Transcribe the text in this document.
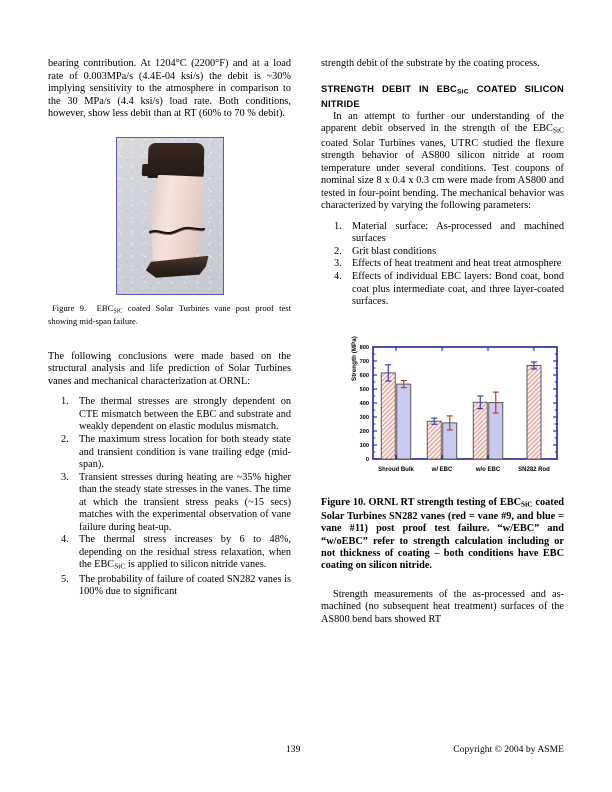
bearing contribution. At 1204°C (2200°F) and at a load rate of 0.003MPa/s (4.4E-04 ksi/s) the debit is ~30% implying sensitivity to the atmosphere in comparison to the 30 MPa/s (4.4 ksi/s) load rate. Both conditions, however, show less debit than at RT (60% to 70 % debit).

Figure 9.  $EBC_{SiC}$ coated Solar Turbines vane post proof test showing mid-span failure.

The following conclusions were made based on the structural analysis and life prediction of Solar Turbines vanes and mechanical characterization at ORNL:

The thermal stresses are strongly dependent on CTE mismatch between the EBC and substrate and weakly dependent on elastic modulus mismatch.
The maximum stress location for both steady state and transient condition is vane trailing edge (mid-span).
Transient stresses during heating are ~35% higher than the steady state stresses in the vanes. The time at which the transient stress peaks (~15 secs) matches with the experimental observation of vane failure during heat-up.
The thermal stress increases by 6 to 48%, depending on the residual stress relaxation, when the $EBC_{SiC}$ is applied to silicon nitride vanes.
The probability of failure of coated SN282 vanes is 100% due to significant

strength debit of the substrate by the coating process.

STRENGTH DEBIT IN $EBC_{SiC}$ COATED SILICON NITRIDE

In an attempt to further our understanding of the apparent debit observed in the strength of the $EBC_{SiC}$ coated Solar Turbines vanes, UTRC studied the flexure strength behavior of AS800 silicon nitride at room temperature under several conditions. Test coupons of nominal size 8 x 0.4 x 0.3 cm were made from AS800 and tested in four-point bending. The mechanical behavior was characterized by varying the following parameters:

Material surface: As-processed and machined surfaces
Grit blast conditions
Effects of heat treatment and heat treat atmosphere
Effects of individual EBC layers: Bond coat, bond coat plus intermediate coat, and three layer-coated surfaces.
Strength (MPa)
0
100
200
300
400
500
600
700
800
Shroud Bulk	w/ EBC	w/o EBC	SN282 Rod

Figure 10. ORNL RT strength testing of $EBC_{SiC}$ coated Solar Turbines SN282 vanes (red = vane #9, and blue = vane #11) post proof test failure. “w/EBC” and “w/oEBC” refer to strength calculation including or not thickness of coating – both conditions have EBC coating on silicon nitride.

Strength measurements of the as-processed and as-machined (no subsequent heat treatment) surfaces of the AS800 bend bars showed RT

139	Copyright © 2004 by ASME
